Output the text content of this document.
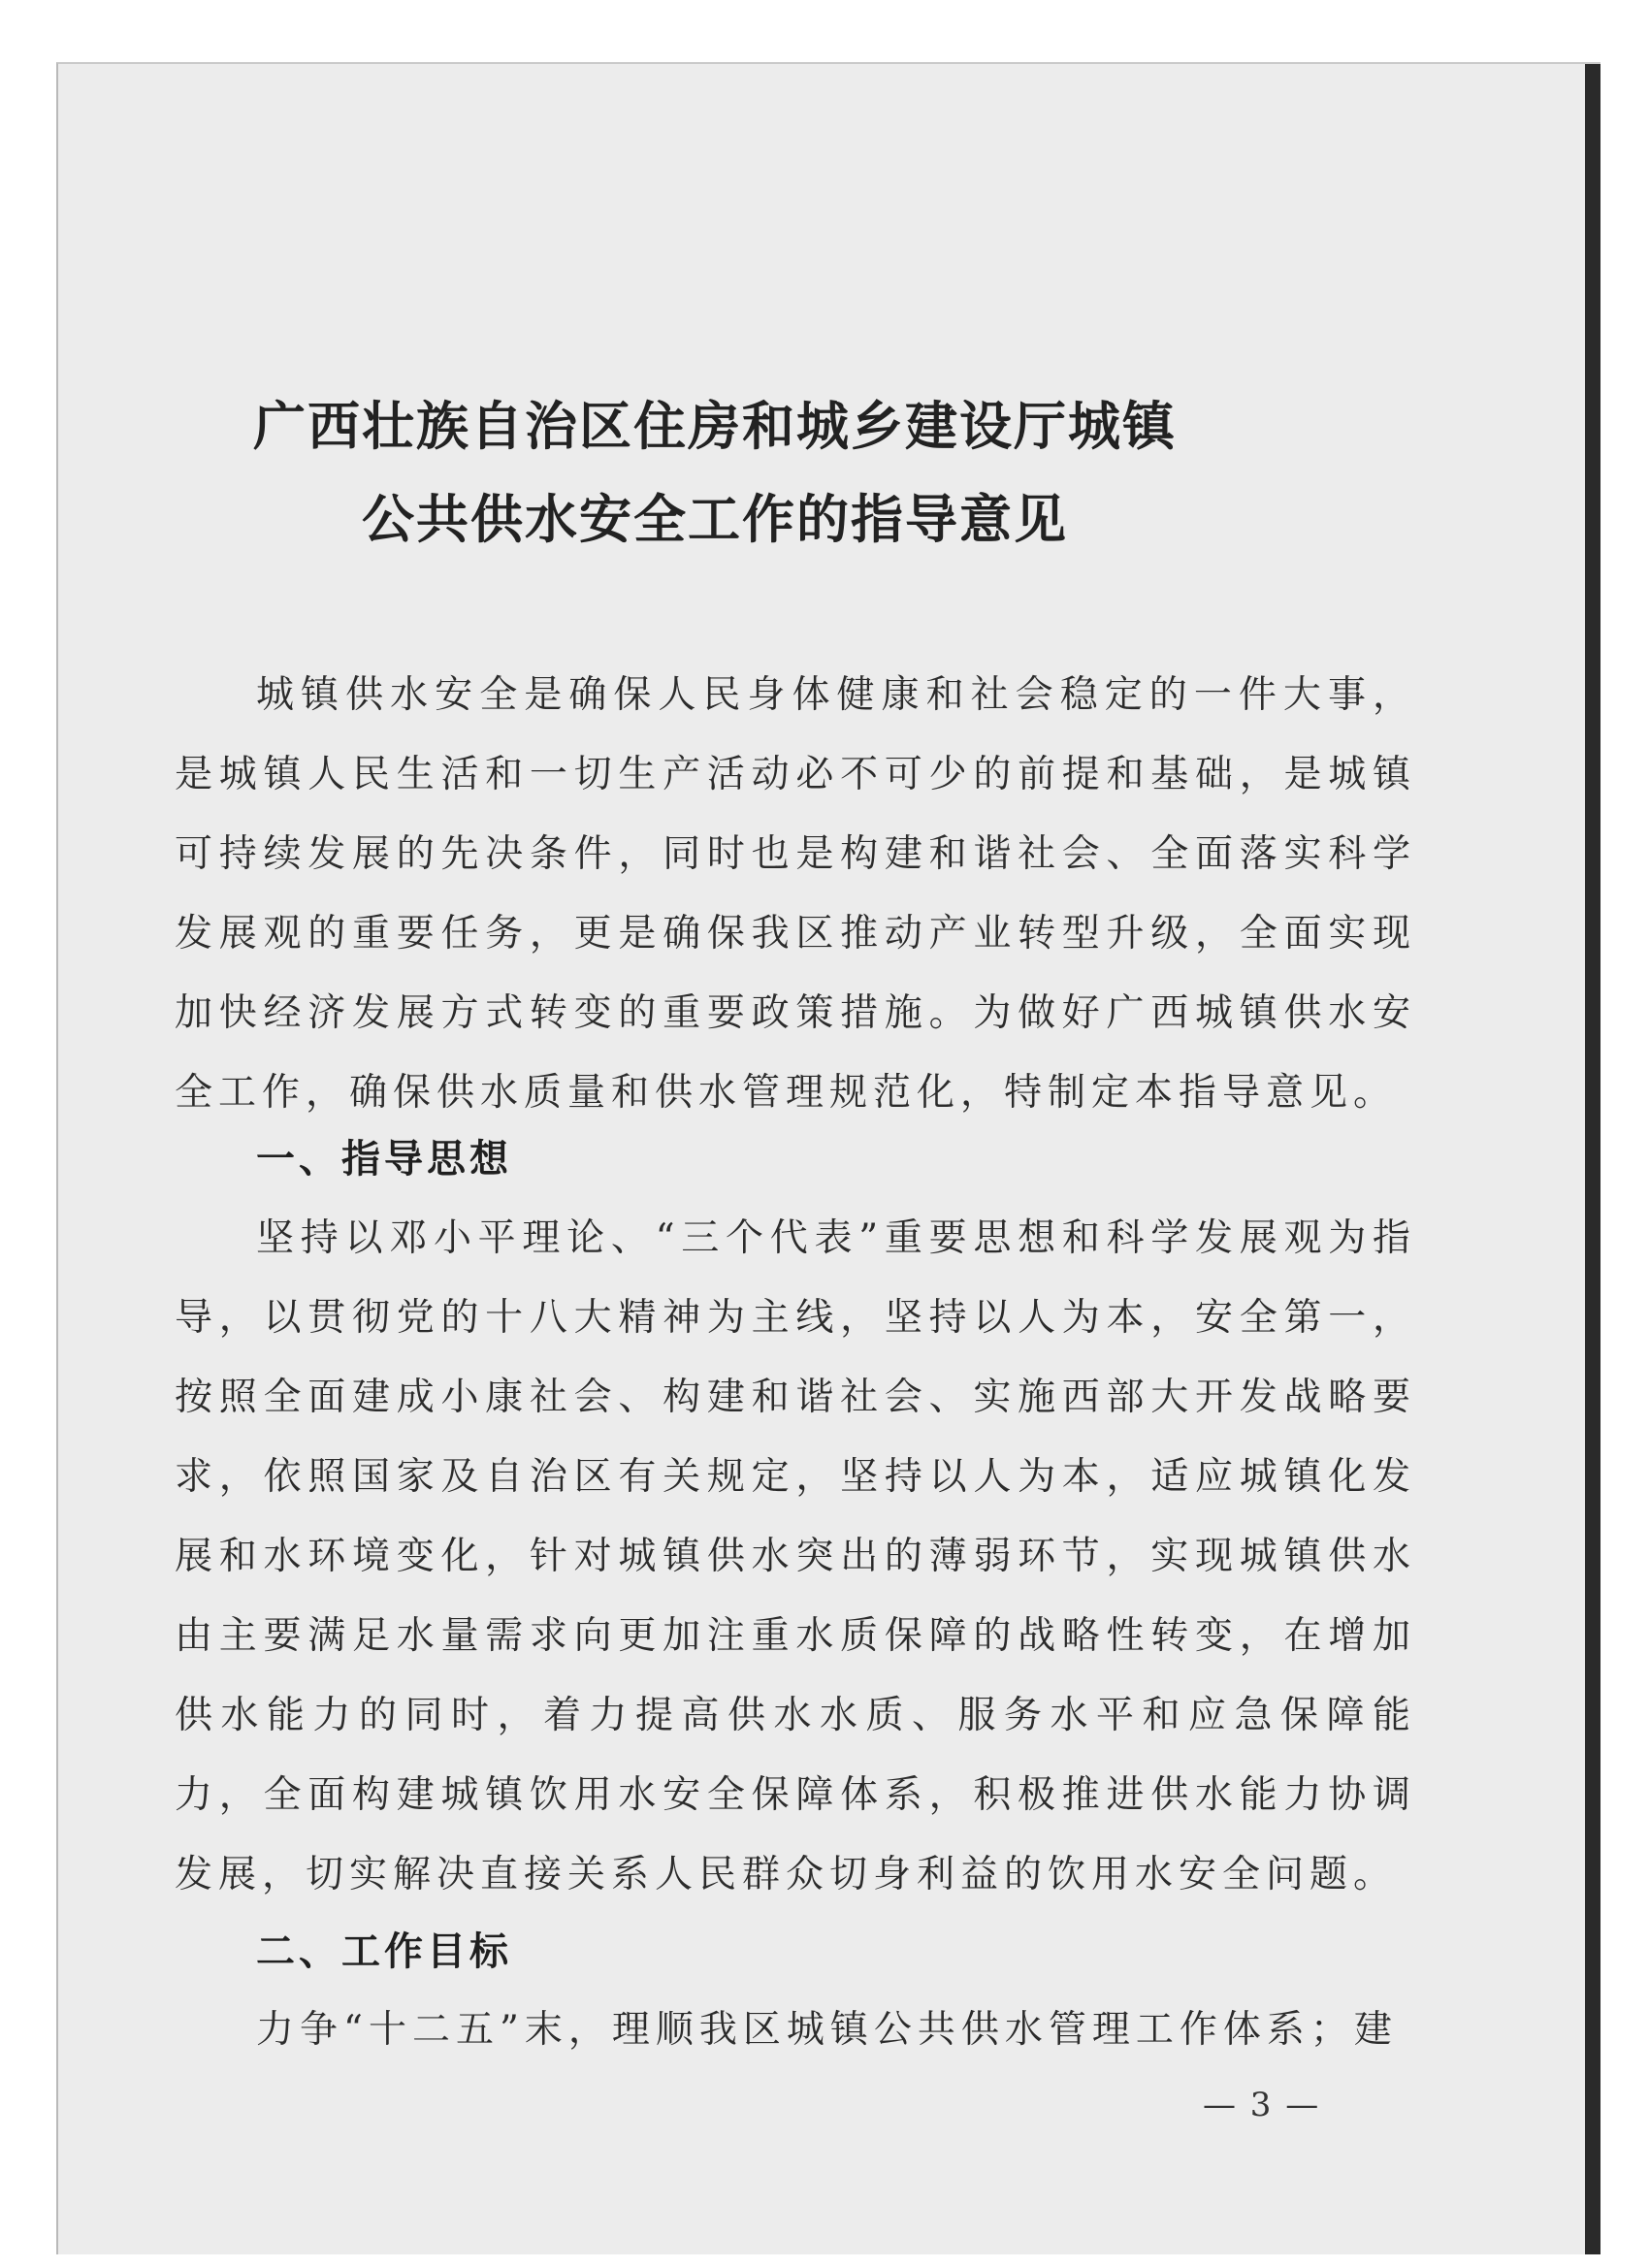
广西壮族自治区住房和城乡建设厅城镇
公共供水安全工作的指导意见
城镇供水安全是确保人民身体健康和社会稳定的一件大事，是城镇人民生活和一切生产活动必不可少的前提和基础，是城镇可持续发展的先决条件，同时也是构建和谐社会、全面落实科学发展观的重要任务，更是确保我区推动产业转型升级，全面实现加快经济发展方式转变的重要政策措施。为做好广西城镇供水安全工作，确保供水质量和供水管理规范化，特制定本指导意见。
一、指导思想
坚持以邓小平理论、“三个代表”重要思想和科学发展观为指导，以贯彻党的十八大精神为主线，坚持以人为本，安全第一，按照全面建成小康社会、构建和谐社会、实施西部大开发战略要求，依照国家及自治区有关规定，坚持以人为本，适应城镇化发展和水环境变化，针对城镇供水突出的薄弱环节，实现城镇供水由主要满足水量需求向更加注重水质保障的战略性转变，在增加供水能力的同时，着力提高供水水质、服务水平和应急保障能力，全面构建城镇饮用水安全保障体系，积极推进供水能力协调发展，切实解决直接关系人民群众切身利益的饮用水安全问题。
二、工作目标
力争“十二五”末，理顺我区城镇公共供水管理工作体系；建
— 3 —
